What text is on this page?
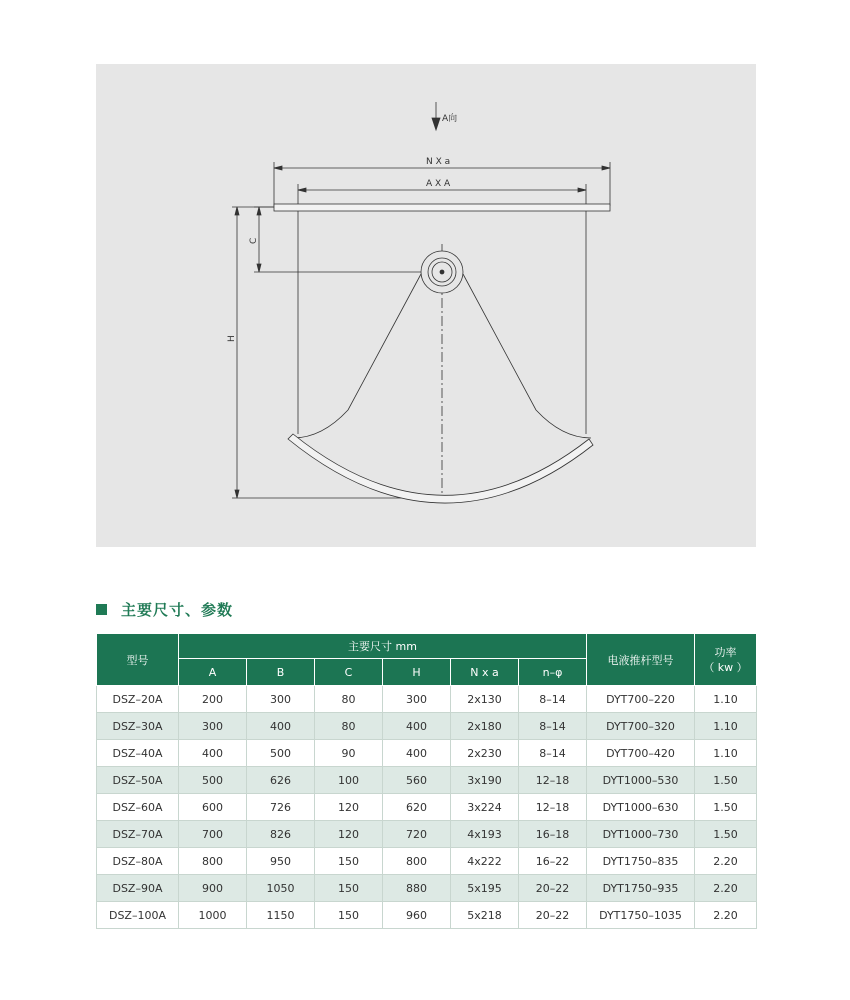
A向
N X a
A X A
C
H
主要尺寸、参数
型号	主要尺寸 mm						电液推杆型号	功率
（ kw ）

	A	B	C	H	N x a	n–φ		
DSZ–20A	200	300	80	300	2x130	8–14	DYT700–220	1.10
DSZ–30A	300	400	80	400	2x180	8–14	DYT700–320	1.10
DSZ–40A	400	500	90	400	2x230	8–14	DYT700–420	1.10
DSZ–50A	500	626	100	560	3x190	12–18	DYT1000–530	1.50
DSZ–60A	600	726	120	620	3x224	12–18	DYT1000–630	1.50
DSZ–70A	700	826	120	720	4x193	16–18	DYT1000–730	1.50
DSZ–80A	800	950	150	800	4x222	16–22	DYT1750–835	2.20
DSZ–90A	900	1050	150	880	5x195	20–22	DYT1750–935	2.20
DSZ–100A	1000	1150	150	960	5x218	20–22	DYT1750–1035	2.20
